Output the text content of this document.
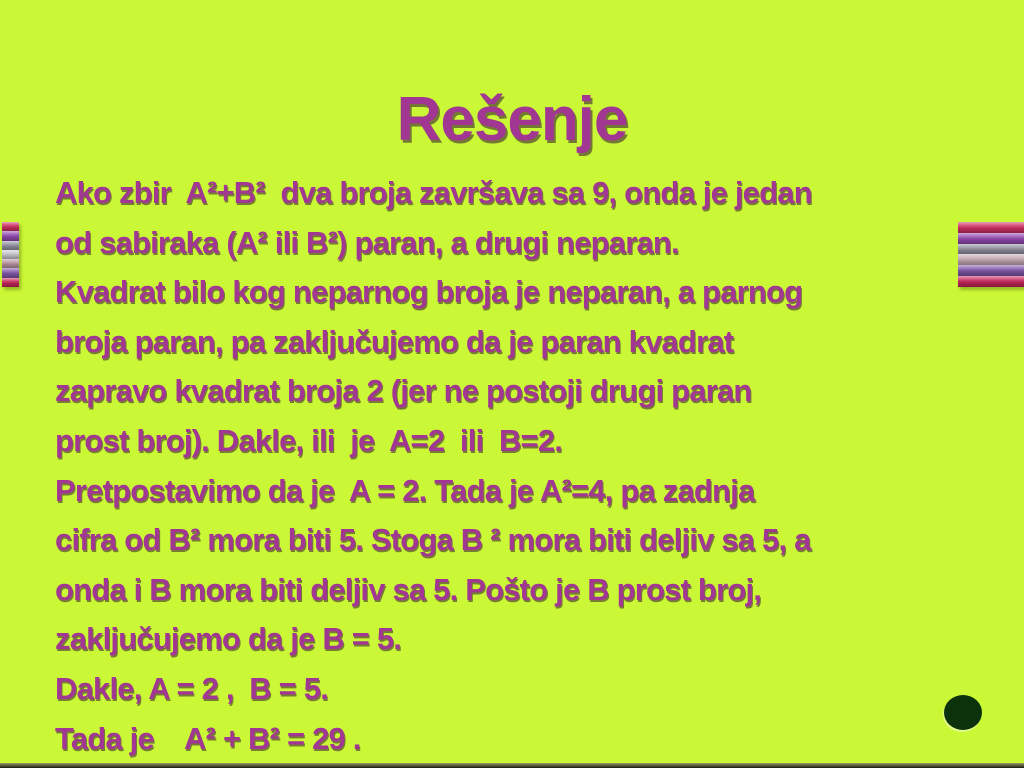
Rešenje
Ako zbir  A²+B²  dva broja završava sa 9, onda je jedan
od sabiraka (A² ili B²) paran, a drugi neparan.
Kvadrat bilo kog neparnog broja je neparan, a parnog
broja paran, pa zaključujemo da je paran kvadrat
zapravo kvadrat broja 2 (jer ne postoji drugi paran
prost broj). Dakle, ili  je  A=2  ili  B=2.
Pretpostavimo da je  A = 2. Tada je A²=4, pa zadnja
cifra od B² mora biti 5. Stoga B ² mora biti deljiv sa 5, a
onda i B mora biti deljiv sa 5. Pošto je B prost broj,
zaključujemo da je B = 5.
Dakle, A = 2 ,  B = 5.
Tada je    A² + B² = 29 .
